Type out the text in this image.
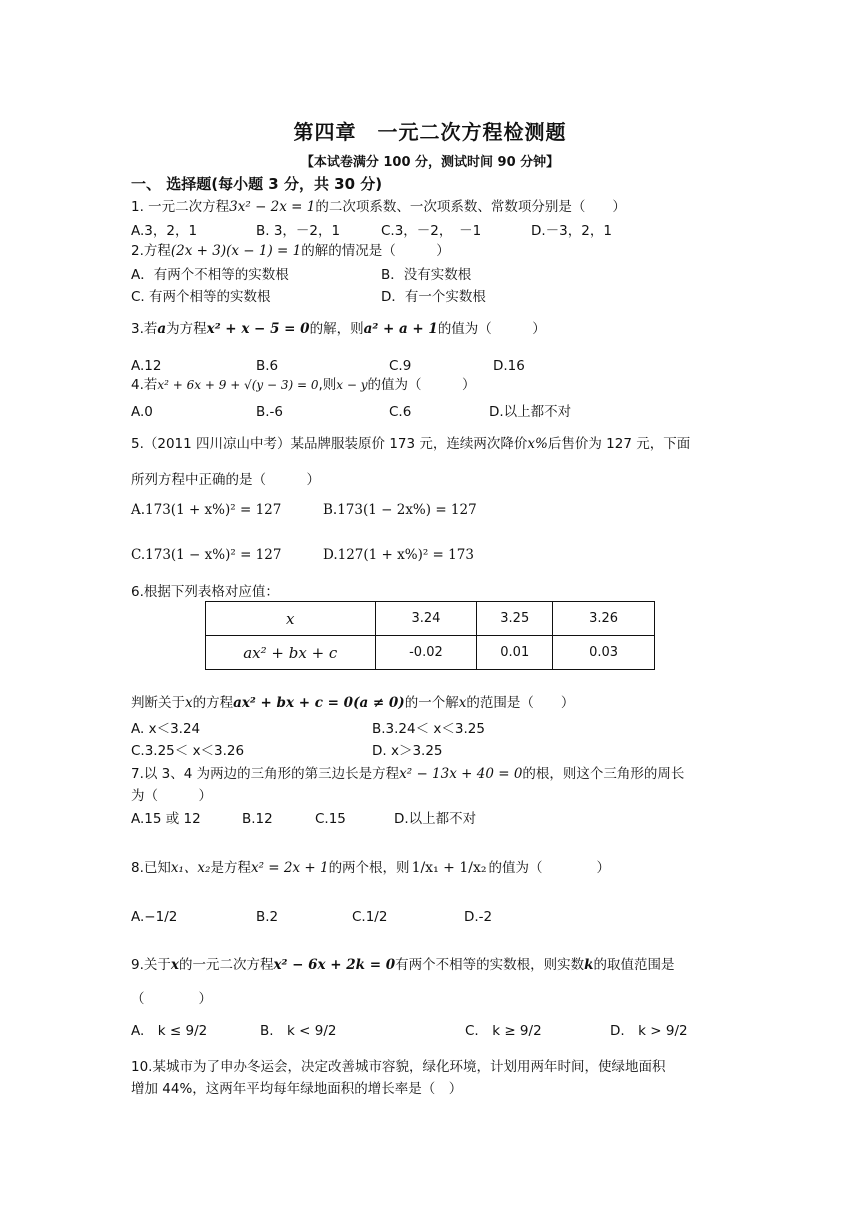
第四章　一元二次方程检测题
【本试卷满分 100 分，测试时间 90 分钟】
一、 选择题(每小题 3 分，共 30 分)
1. 一元二次方程3x² − 2x = 1的二次项系数、一次项系数、常数项分别是（　　）
A.3，2，1	B. 3，－2，1	C.3，－2，　－1	D.－3，2，1
2.方程(2x + 3)(x − 1) = 1的解的情况是（　　　）
A．有两个不相等的实数根	B．没有实数根
C. 有两个相等的实数根	D．有一个实数根
3.若a为方程x² + x − 5 = 0的解，则a² + a + 1的值为（　　　）
A.12	B.6	C.9	D.16
4.若x² + 6x + 9 + √(y − 3) = 0,则x − y的值为（　　　）
A.0	B.-6	C.6	D.以上都不对
5.（2011 四川凉山中考）某品牌服装原价 173 元，连续两次降价x%后售价为 127 元，下面
所列方程中正确的是（　　　）
A.173(1 + x%)² = 127	B.173(1 − 2x%) = 127
C.173(1 − x%)² = 127	D.127(1 + x%)² = 173
6.根据下列表格对应值：
x	3.24	3.25	3.26
ax² + bx + c	-0.02	0.01	0.03
判断关于x的方程ax² + bx + c = 0(a ≠ 0)的一个解x的范围是（　　）
A. x＜3.24	B.3.24＜ x＜3.25
C.3.25＜ x＜3.26	D. x＞3.25
7.以 3、4 为两边的三角形的第三边长是方程x² − 13x + 40 = 0的根，则这个三角形的周长
为（　　　）
A.15 或 12	B.12	C.15	D.以上都不对
8.已知x₁、x₂是方程x² = 2x + 1的两个根，则 1/x₁ + 1/x₂ 的值为（　　　　）
A.−1/2	B.2	C.1/2	D.-2
9.关于x的一元二次方程x² − 6x + 2k = 0有两个不相等的实数根，则实数k的取值范围是
（　　　　）
A.　k ≤ 9/2	B.　k < 9/2	C.　k ≥ 9/2	D.　k > 9/2
10.某城市为了申办冬运会，决定改善城市容貌，绿化环境，计划用两年时间，使绿地面积
增加 44%，这两年平均每年绿地面积的增长率是（　）
